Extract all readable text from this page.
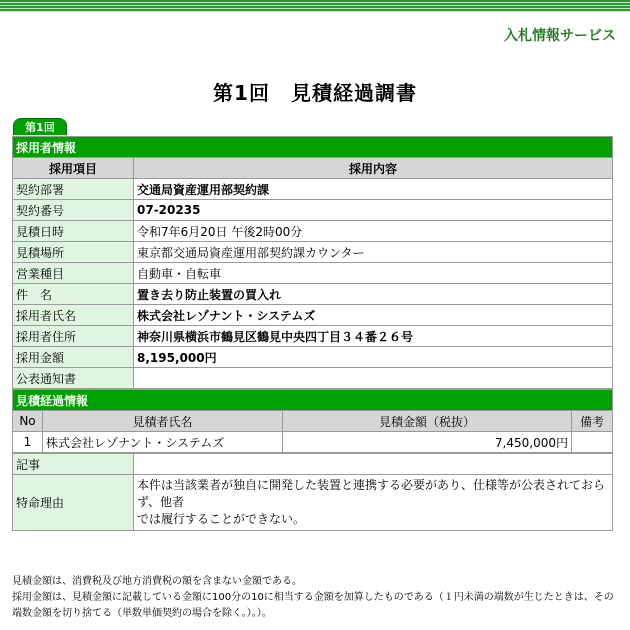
入札情報サービス
第1回　見積経過調書
第1回
採用者情報	
採用項目	採用内容
契約部署	交通局資産運用部契約課
契約番号	07-20235
見積日時	令和7年6月20日 午後2時00分
見積場所	東京都交通局資産運用部契約課カウンター
営業種目	自動車・自転車
件　名	置き去り防止装置の買入れ
採用者氏名	株式会社レゾナント・システムズ
採用者住所	神奈川県横浜市鶴見区鶴見中央四丁目３４番２６号
採用金額	8,195,000円
公表通知書	
見積経過情報			
No	見積者氏名	見積金額（税抜）	備考
1	株式会社レゾナント・システムズ	7,450,000円	
記事	
特命理由	本件は当該業者が独自に開発した装置と連携する必要があり、仕様等が公表されておらず、他者
では履行することができない。
見積金額は、消費税及び地方消費税の額を含まない金額である。
採用金額は、見積金額に記載している金額に100分の10に相当する金額を加算したものである（１円未満の端数が生じたときは、その端数金額を切り捨てる（単数単価契約の場合を除く。）。）。
